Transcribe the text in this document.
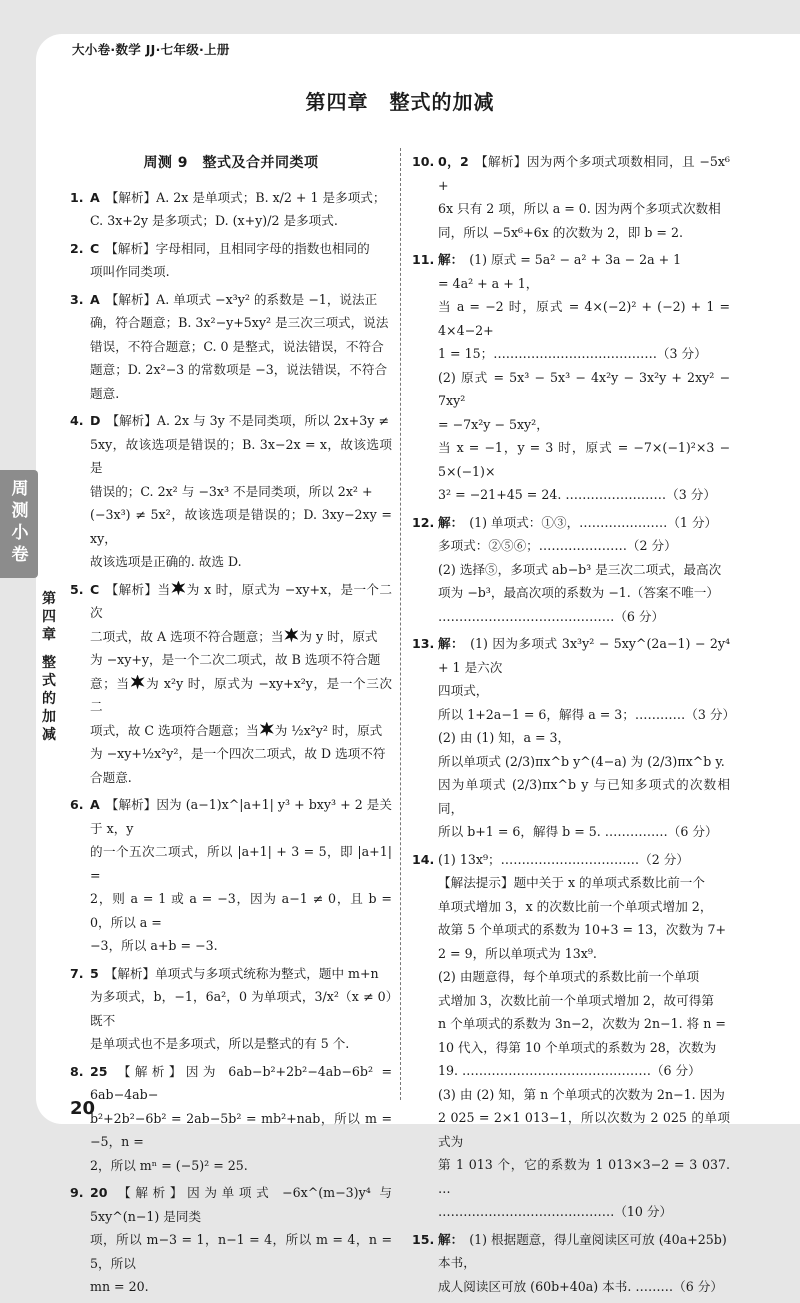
大小卷·数学 JJ·七年级·上册
第四章　整式的加减
周测小卷
第四章
整式的加减
周测 9　整式及合并同类项
1. A 【解析】A. 2x 是单项式；B. x/2 + 1 是多项式；
C. 3x+2y 是多项式；D. (x+y)/2 是多项式.
2. C 【解析】字母相同，且相同字母的指数也相同的
项叫作同类项.
3. A 【解析】A. 单项式 −x³y² 的系数是 −1，说法正
确，符合题意；B. 3x²−y+5xy² 是三次三项式，说法
错误，不符合题意；C. 0 是整式，说法错误，不符合
题意；D. 2x²−3 的常数项是 −3，说法错误，不符合
题意.
4. D 【解析】A. 2x 与 3y 不是同类项，所以 2x+3y ≠
5xy，故该选项是错误的；B. 3x−2x = x，故该选项是
错误的；C. 2x² 与 −3x³ 不是同类项，所以 2x² +
(−3x³) ≠ 5x²，故该选项是错误的；D. 3xy−2xy = xy，
故该选项是正确的. 故选 D.
5. C 【解析】当 为 x 时，原式为 −xy+x，是一个二次
二项式，故 A 选项不符合题意；当 为 y 时，原式
为 −xy+y，是一个二次二项式，故 B 选项不符合题
意；当 为 x²y 时，原式为 −xy+x²y，是一个三次二
项式，故 C 选项符合题意；当 为 ½x²y² 时，原式
为 −xy+½x²y²，是一个四次二项式，故 D 选项不符
合题意.
6. A 【解析】因为 (a−1)x^|a+1| y³ + bxy³ + 2 是关于 x，y
的一个五次二项式，所以 |a+1| + 3 = 5，即 |a+1| =
2，则 a = 1 或 a = −3，因为 a−1 ≠ 0，且 b = 0，所以 a =
−3，所以 a+b = −3.
7. 5 【解析】单项式与多项式统称为整式，题中 m+n
为多项式，b，−1，6a²，0 为单项式，3/x²（x ≠ 0）既不
是单项式也不是多项式，所以是整式的有 5 个.
8. 25 【解析】因为 6ab−b²+2b²−4ab−6b² = 6ab−4ab−
b²+2b²−6b² = 2ab−5b² = mb²+nab，所以 m = −5，n =
2，所以 mⁿ = (−5)² = 25.
9. 20 【解析】因为单项式 −6x^(m−3)y⁴ 与 5xy^(n−1) 是同类
项，所以 m−3 = 1，n−1 = 4，所以 m = 4，n = 5，所以
mn = 20.
10. 0，2 【解析】因为两个多项式项数相同，且 −5x⁶ +
6x 只有 2 项，所以 a = 0. 因为两个多项式次数相
同，所以 −5x⁶+6x 的次数为 2，即 b = 2.
11. 解： (1) 原式 = 5a² − a² + 3a − 2a + 1
= 4a² + a + 1，
当 a = −2 时，原式 = 4×(−2)² + (−2) + 1 = 4×4−2+
1 = 15；…………………………………（3 分）
(2) 原式 = 5x³ − 5x³ − 4x²y − 3x²y + 2xy² − 7xy²
= −7x²y − 5xy²，
当 x = −1，y = 3 时，原式 = −7×(−1)²×3 − 5×(−1)×
3² = −21+45 = 24. ……………………（3 分）
12. 解： (1) 单项式：①③，…………………（1 分）
多项式：②⑤⑥；…………………（2 分）
(2) 选择⑤，多项式 ab−b³ 是三次二项式，最高次
项为 −b³，最高次项的系数为 −1.（答案不唯一）
……………………………………（6 分）
13. 解： (1) 因为多项式 3x³y² − 5xy^(2a−1) − 2y⁴ + 1 是六次
四项式，
所以 1+2a−1 = 6，解得 a = 3；…………（3 分）
(2) 由 (1) 知，a = 3，
所以单项式 (2/3)πx^b y^(4−a) 为 (2/3)πx^b y.
因为单项式 (2/3)πx^b y 与已知多项式的次数相同，
所以 b+1 = 6，解得 b = 5. ……………（6 分）
14. (1) 13x⁹；……………………………（2 分）
【解法提示】题中关于 x 的单项式系数比前一个
单项式增加 3，x 的次数比前一个单项式增加 2，
故第 5 个单项式的系数为 10+3 = 13，次数为 7+
2 = 9，所以单项式为 13x⁹.
(2) 由题意得，每个单项式的系数比前一个单项
式增加 3，次数比前一个单项式增加 2，故可得第
n 个单项式的系数为 3n−2，次数为 2n−1. 将 n =
10 代入，得第 10 个单项式的系数为 28，次数为
19. ………………………………………（6 分）
(3) 由 (2) 知，第 n 个单项式的次数为 2n−1. 因为
2 025 = 2×1 013−1，所以次数为 2 025 的单项式为
第 1 013 个，它的系数为 1 013×3−2 = 3 037. …
……………………………………（10 分）
15. 解： (1) 根据题意，得儿童阅读区可放 (40a+25b)
本书，
成人阅读区可放 (60b+40a) 本书. ………（6 分）
20
